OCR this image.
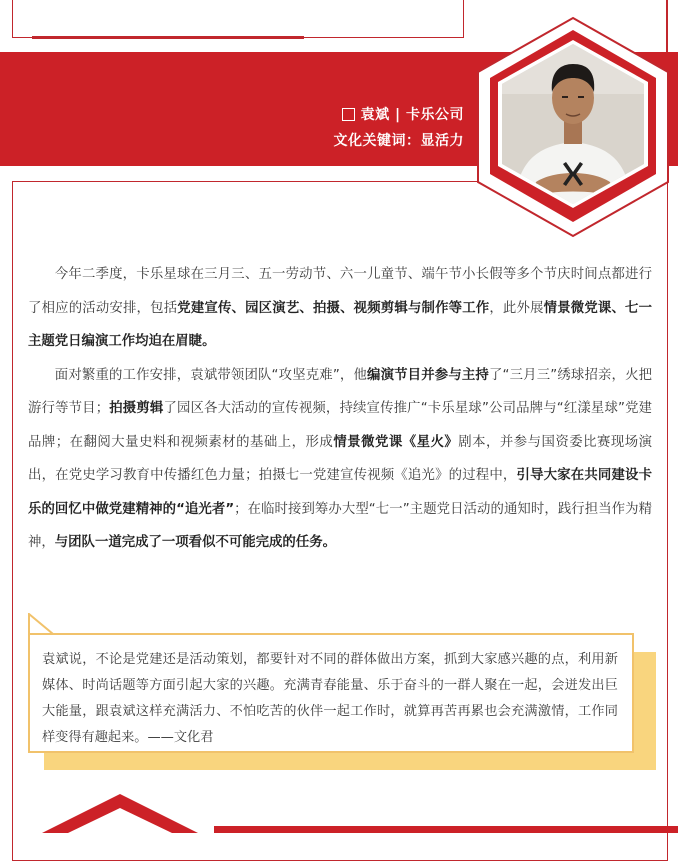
袁斌 | 卡乐公司
文化关键词：显活力

今年二季度，卡乐星球在三月三、五一劳动节、六一儿童节、端午节小长假等多个节庆时间点都进行了相应的活动安排，包括党建宣传、园区演艺、拍摄、视频剪辑与制作等工作，此外展情景微党课、七一主题党日编演工作均迫在眉睫。

面对繁重的工作安排，袁斌带领团队“攻坚克难”，他编演节目并参与主持了“三月三”绣球招亲，火把游行等节目；拍摄剪辑了园区各大活动的宣传视频，持续宣传推广“卡乐星球”公司品牌与“红漾星球”党建品牌；在翻阅大量史料和视频素材的基础上，形成情景微党课《星火》剧本，并参与国资委比赛现场演出，在党史学习教育中传播红色力量；拍摄七一党建宣传视频《追光》的过程中，引导大家在共同建设卡乐的回忆中做党建精神的“追光者”；在临时接到筹办大型“七一”主题党日活动的通知时，践行担当作为精神，与团队一道完成了一项看似不可能完成的任务。

袁斌说，不论是党建还是活动策划，都要针对不同的群体做出方案，抓到大家感兴趣的点，利用新媒体、时尚话题等方面引起大家的兴趣。充满青春能量、乐于奋斗的一群人聚在一起，会迸发出巨大能量，跟袁斌这样充满活力、不怕吃苦的伙伴一起工作时，就算再苦再累也会充满激情，工作同样变得有趣起来。——文化君
